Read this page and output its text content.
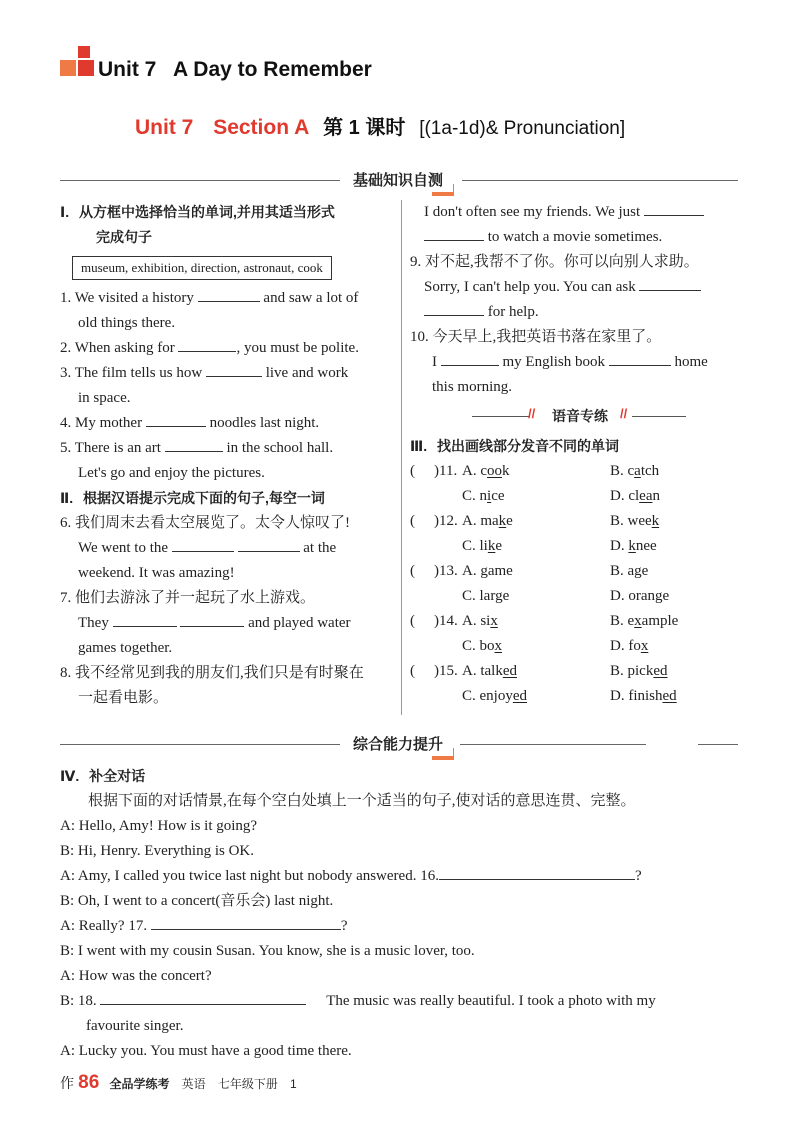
Unit 7   A Day to Remember
Unit 7 Section A 第 1 课时 [(1a-1d)& Pronunciation]
基础知识自测
Ⅰ. 从方框中选择恰当的单词,并用其适当形式
完成句子
museum, exhibition, direction, astronaut, cook
1. We visited a history	and saw a lot of
old things there.
2. When asking for	, you must be polite.
3. The film tells us how	live and work
in space.
4. My mother	noodles last night.
5. There is an art	in the school hall.
Let's go and enjoy the pictures.
Ⅱ. 根据汉语提示完成下面的句子,每空一词
6. 我们周末去看太空展览了。太令人惊叹了!
We went to the	at the
weekend. It was amazing!
7. 他们去游泳了并一起玩了水上游戏。
They	and played water
games together.
8. 我不经常见到我的朋友们,我们只是有时聚在
一起看电影。
I don't often see my friends. We just
to watch a movie sometimes.
9. 对不起,我帮不了你。你可以向别人求助。
Sorry, I can't help you. You can ask
for help.
10. 今天早上,我把英语书落在家里了。
I	my English book	home
this morning.
//	语音专练 //
Ⅲ. 找出画线部分发音不同的单词
( )11. A. cook	B. catch
C. nice	D. clean
( )12. A. make	B. week
C. like	D. knee
( )13. A. game	B. age
C. large	D. orange
( )14. A. six	B. example
C. box	D. fox
( )15. A. talked	B. picked
C. enjoyed	D. finished
综合能力提升
Ⅳ. 补全对话
根据下面的对话情景,在每个空白处填上一个适当的句子,使对话的意思连贯、完整。
A: Hello, Amy! How is it going?
B: Hi, Henry. Everything is OK.
A: Amy, I called you twice last night but nobody answered. 16.	?
B: Oh, I went to a concert(音乐会) last night.
A: Really? 17.	?
B: I went with my cousin Susan. You know, she is a music lover, too.
A: How was the concert?
B: 18.	The music was really beautiful. I took a photo with my
favourite singer.
A: Lucky you. You must have a good time there.
作 86 全品学练考 英语 七年级下册 1
